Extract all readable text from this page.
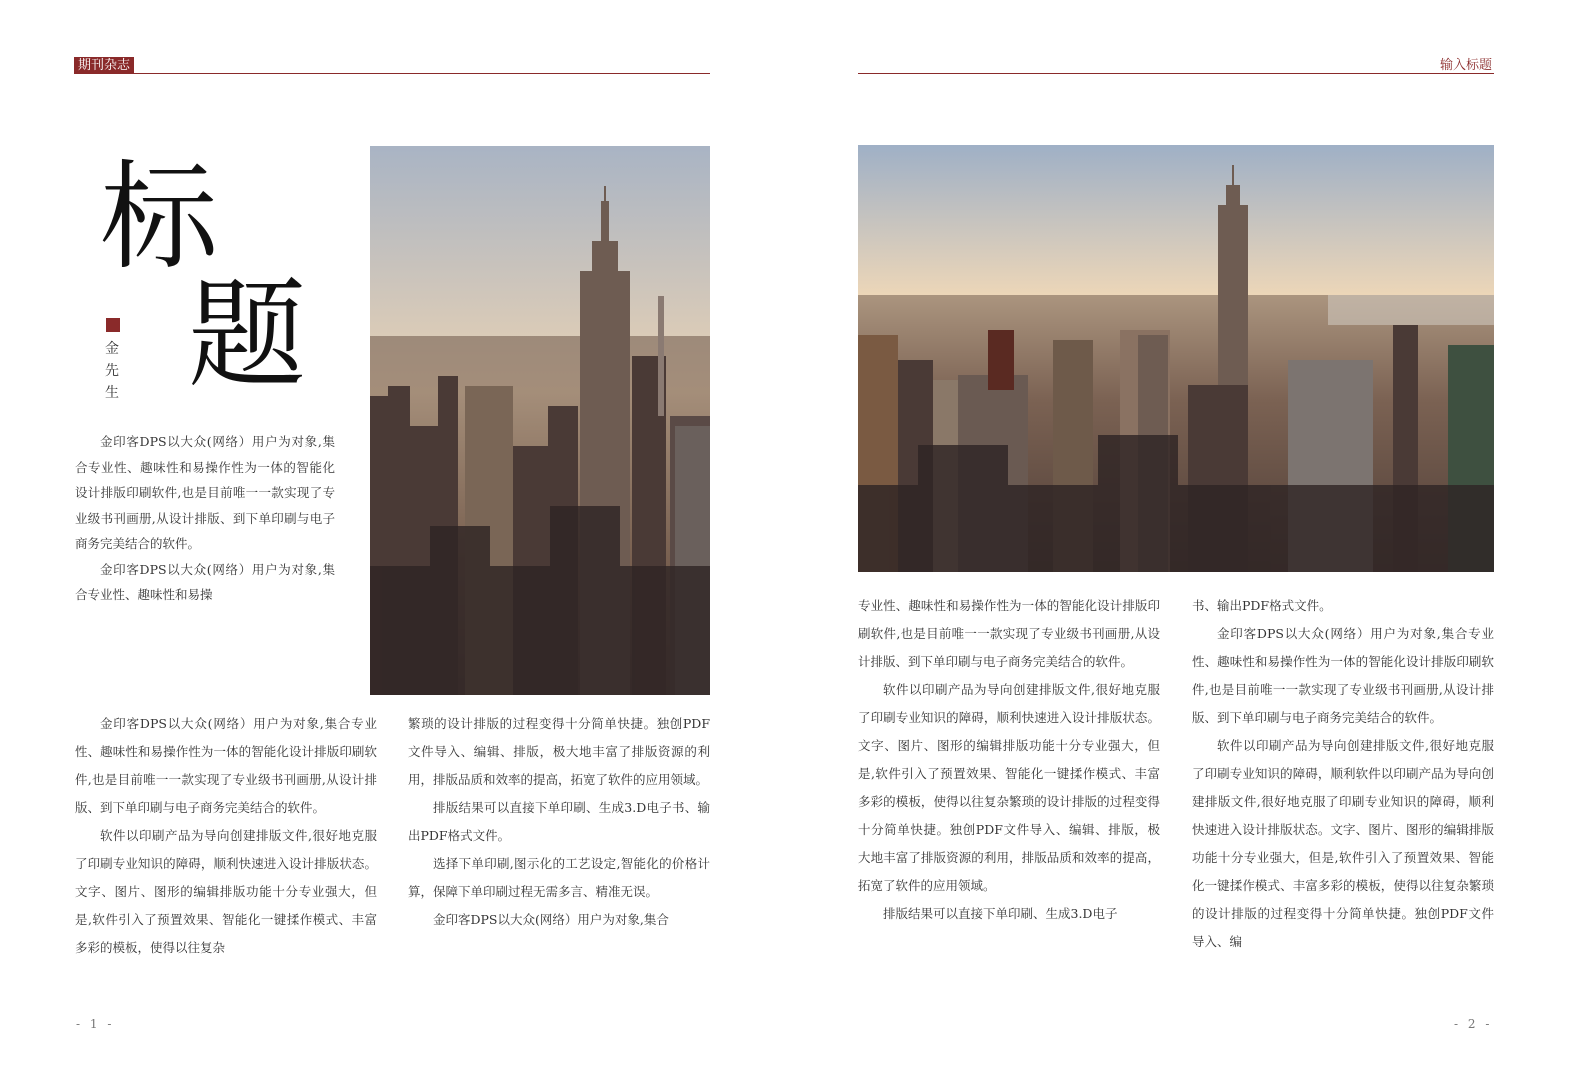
期刊杂志
标
题
金
先
生

金印客DPS以大众(网络）用户为对象,集合专业性、趣味性和易操作性为一体的智能化设计排版印刷软件,也是目前唯一一款实现了专业级书刊画册,从设计排版、到下单印刷与电子商务完美结合的软件。

金印客DPS以大众(网络）用户为对象,集合专业性、趣味性和易操

金印客DPS以大众(网络）用户为对象,集合专业性、趣味性和易操作性为一体的智能化设计排版印刷软件,也是目前唯一一款实现了专业级书刊画册,从设计排版、到下单印刷与电子商务完美结合的软件。

软件以印刷产品为导向创建排版文件,很好地克服了印刷专业知识的障碍，顺利快速进入设计排版状态。文字、图片、图形的编辑排版功能十分专业强大，但是,软件引入了预置效果、智能化一键揉作模式、丰富多彩的模板，使得以往复杂

繁琐的设计排版的过程变得十分简单快捷。独创PDF文件导入、编辑、排版，极大地丰富了排版资源的利用，排版品质和效率的提高，拓宽了软件的应用领域。

排版结果可以直接下单印刷、生成3.D电子书、输出PDF格式文件。

选择下单印刷,图示化的工艺设定,智能化的价格计算，保障下单印刷过程无需多言、精准无误。

金印客DPS以大众(网络）用户为对象,集合

- 1 -
输入标题

专业性、趣味性和易操作性为一体的智能化设计排版印刷软件,也是目前唯一一款实现了专业级书刊画册,从设计排版、到下单印刷与电子商务完美结合的软件。

软件以印刷产品为导向创建排版文件,很好地克服了印刷专业知识的障碍，顺利快速进入设计排版状态。文字、图片、图形的编辑排版功能十分专业强大，但是,软件引入了预置效果、智能化一键揉作模式、丰富多彩的模板，使得以往复杂繁琐的设计排版的过程变得十分简单快捷。独创PDF文件导入、编辑、排版，极大地丰富了排版资源的利用，排版品质和效率的提高，拓宽了软件的应用领域。

排版结果可以直接下单印刷、生成3.D电子

书、输出PDF格式文件。

金印客DPS以大众(网络）用户为对象,集合专业性、趣味性和易操作性为一体的智能化设计排版印刷软件,也是目前唯一一款实现了专业级书刊画册,从设计排版、到下单印刷与电子商务完美结合的软件。

软件以印刷产品为导向创建排版文件,很好地克服了印刷专业知识的障碍，顺利软件以印刷产品为导向创建排版文件,很好地克服了印刷专业知识的障碍，顺利快速进入设计排版状态。文字、图片、图形的编辑排版功能十分专业强大，但是,软件引入了预置效果、智能化一键揉作模式、丰富多彩的模板，使得以往复杂繁琐的设计排版的过程变得十分简单快捷。独创PDF文件导入、编

- 2 -
